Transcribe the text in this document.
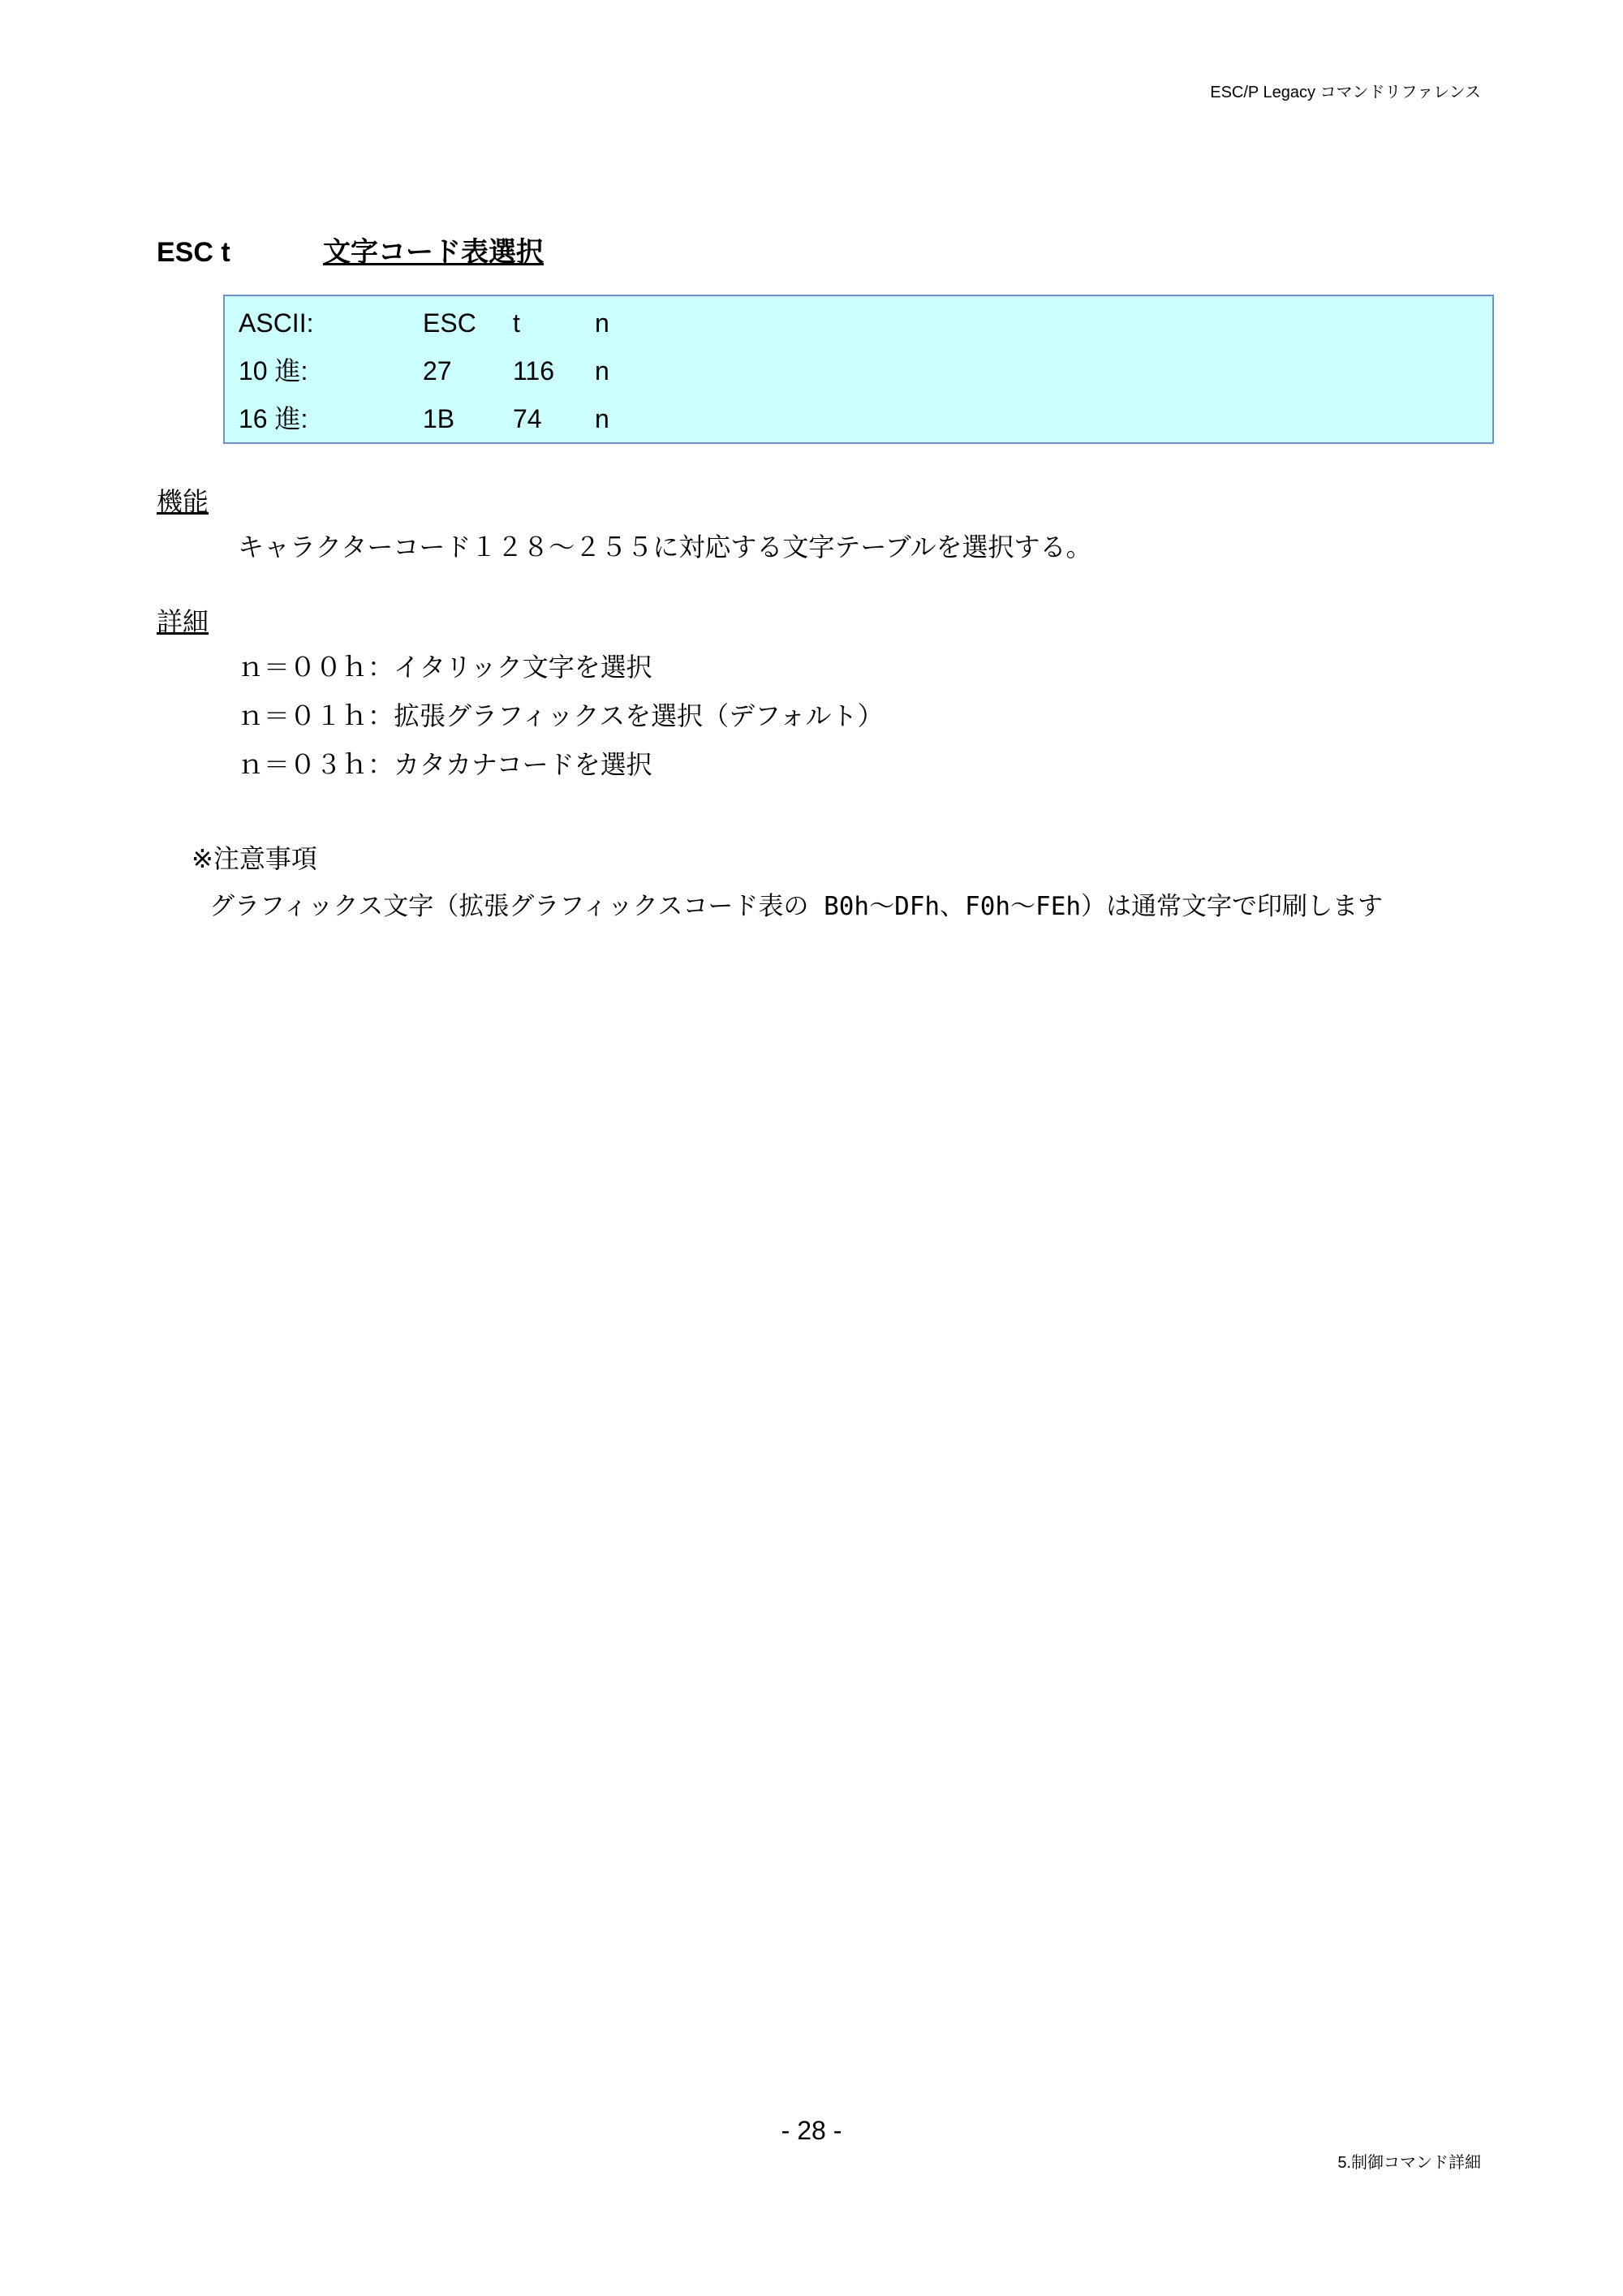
ESC/P Legacy コマンドリファレンス
ESC t	文字コード表選択
ASCII:	ESC t	n
10 進:	27 116 n
16 進:	1B 74 n
機能
キャラクターコード１２８～２５５に対応する文字テーブルを選択する。
詳細
ｎ＝００ｈ：イタリック文字を選択
ｎ＝０１ｈ：拡張グラフィックスを選択（デフォルト）
ｎ＝０３ｈ：カタカナコードを選択
※注意事項
グラフィックス文字（拡張グラフィックスコード表の B0h～DFh、F0h～FEh）は通常文字で印刷します
- 28 -
5.制御コマンド詳細
